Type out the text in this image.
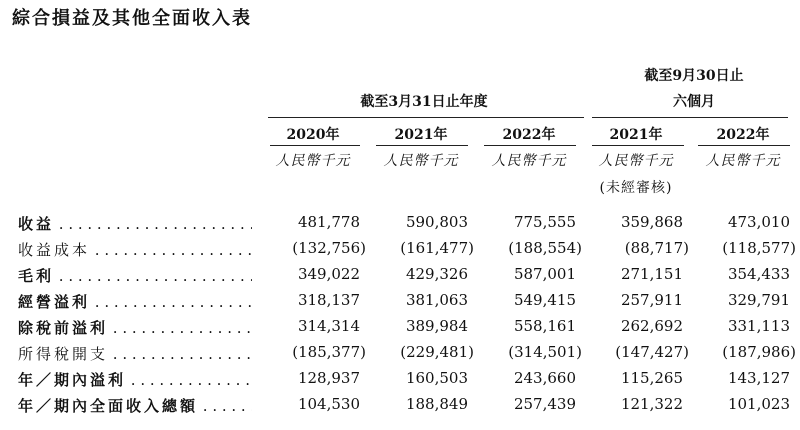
綜合損益及其他全面收入表
截至3月31日止年度
截至9月30日止
六個月
2020年	2021年	2022年	2021年	2022年
人民幣千元	人民幣千元	人民幣千元	人民幣千元	人民幣千元
(未經審核)
收益 . . .	481,778	590,803	775,555	359,868	473,010
收益成本 . . .	(132,756) (161,477) (188,554)	(88,717) (118,577)
毛利 . . .	349,022	429,326	587,001	271,151	354,433
經營溢利 . . .	318,137	381,063	549,415	257,911	329,791
除稅前溢利 . . .	314,314	389,984	558,161	262,692	331,113
所得稅開支 . . .	(185,377) (229,481) (314,501) (147,427) (187,986)
年／期內溢利 . . .	128,937	160,503	243,660	115,265	143,127
年／期內全面收入總額 . . .	104,530	188,849	257,439	121,322	101,023
